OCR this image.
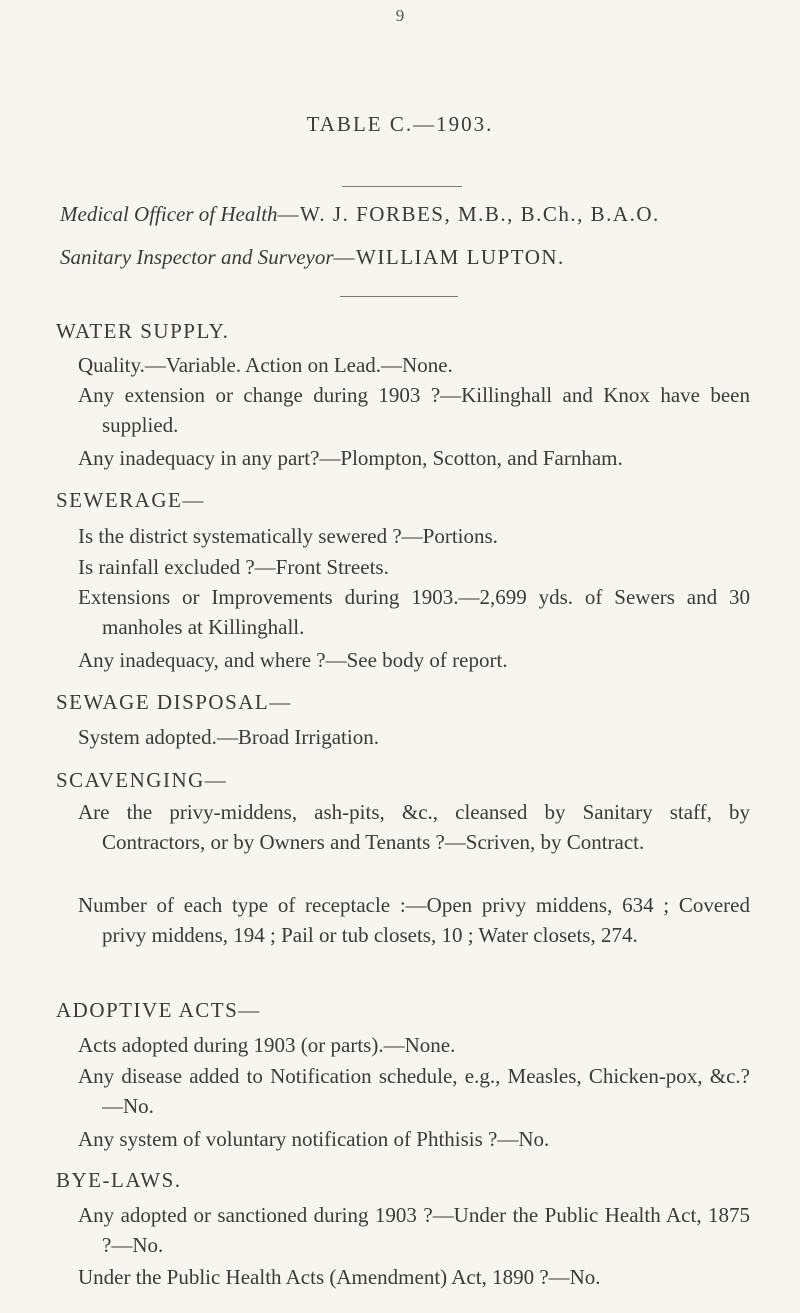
9
TABLE C.—1903.
Medical Officer of Health—W. J. FORBES, M.B., B.Ch., B.A.O.
Sanitary Inspector and Surveyor—WILLIAM LUPTON.
WATER SUPPLY.
Quality.—Variable. Action on Lead.—None.
Any extension or change during 1903 ?—Killinghall and Knox have been supplied.
Any inadequacy in any part?—Plompton, Scotton, and Farnham.
SEWERAGE—
Is the district systematically sewered ?—Portions.
Is rainfall excluded ?—Front Streets.
Extensions or Improvements during 1903.—2,699 yds. of Sewers and 30 manholes at Killinghall.
Any inadequacy, and where ?—See body of report.
SEWAGE DISPOSAL—
System adopted.—Broad Irrigation.
SCAVENGING—
Are the privy-middens, ash-pits, &c., cleansed by Sanitary staff, by Contractors, or by Owners and Tenants ?—Scriven, by Contract.
Number of each type of receptacle :—Open privy middens, 634 ; Covered privy middens, 194 ; Pail or tub closets, 10 ; Water closets, 274.
ADOPTIVE ACTS—
Acts adopted during 1903 (or parts).—None.
Any disease added to Notification schedule, e.g., Measles, Chicken-pox, &c.?—No.
Any system of voluntary notification of Phthisis ?—No.
BYE-LAWS.
Any adopted or sanctioned during 1903 ?—Under the Public Health Act, 1875 ?—No.
Under the Public Health Acts (Amendment) Act, 1890 ?—No.
